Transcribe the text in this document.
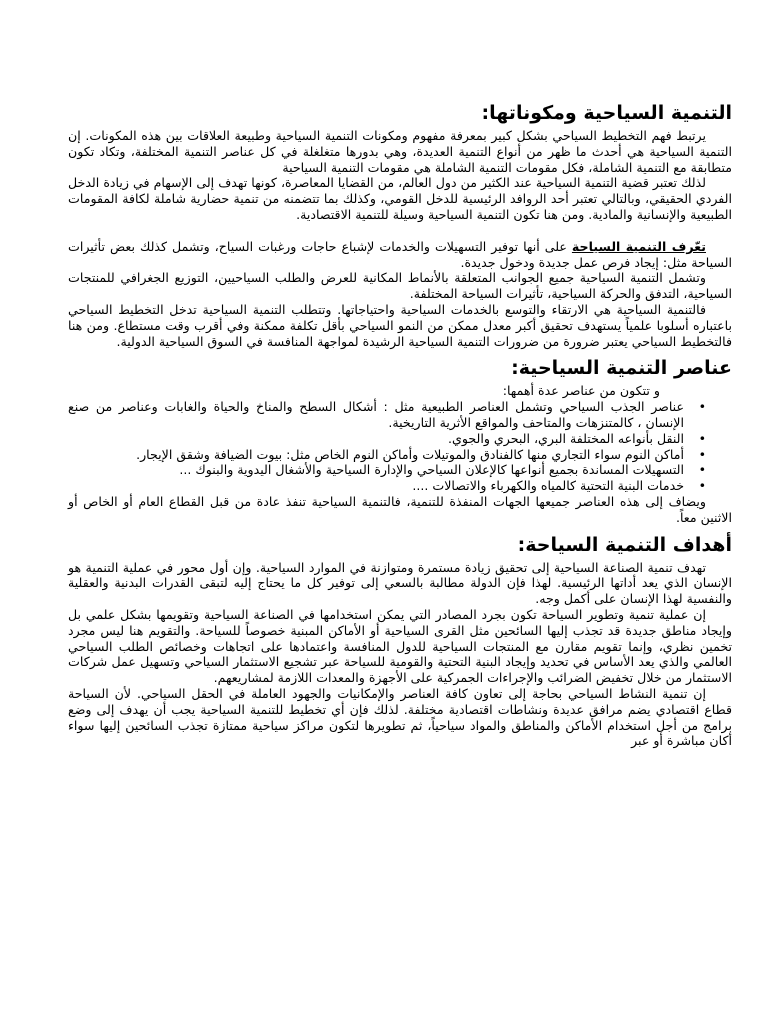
التنمية السياحية ومكوناتها:

يرتبط فهم التخطيط السياحي بشكل كبير بمعرفة مفهوم ومكونات التنمية السياحية وطبيعة العلاقات بين هذه المكونات. إن التنمية السياحية هي أحدث ما ظهر من أنواع التنمية العديدة، وهي بدورها متغلغلة في كل عناصر التنمية المختلفة، وتكاد تكون متطابقة مع التنمية الشاملة، فكل مقومات التنمية الشاملة هي مقومات التنمية السياحية

لذلك تعتبر قضية التنمية السياحية عند الكثير من دول العالم، من القضايا المعاصرة، كونها تهدف إلى الإسهام في زيادة الدخل الفردي الحقيقي، وبالتالي تعتبر أحد الروافد الرئيسية للدخل القومي، وكذلك بما تتضمنه من تنمية حضارية شاملة لكافة المقومات الطبيعية والإنسانية والمادية. ومن هنا تكون التنمية السياحية وسيلة للتنمية الاقتصادية.

تعّرف التنمية السياحة على أنها توفير التسهيلات والخدمات لإشباع حاجات ورغبات السياح، وتشمل كذلك بعض تأثيرات السياحة مثل: إيجاد فرص عمل جديدة ودخول جديدة.

وتشمل التنمية السياحية جميع الجوانب المتعلقة بالأنماط المكانية للعرض والطلب السياحيين، التوزيع الجغرافي للمنتجات السياحية، التدفق والحركة السياحية، تأثيرات السياحة المختلفة.

فالتنمية السياحية هي الارتقاء والتوسع بالخدمات السياحية واحتياجاتها. وتتطلب التنمية السياحية تدخل التخطيط السياحي باعتباره أسلوبا علمياً يستهدف تحقيق أكبر معدل ممكن من النمو السياحي بأقل تكلفة ممكنة وفي أقرب وقت مستطاع. ومن هنا فالتخطيط السياحي يعتبر ضرورة من ضرورات التنمية السياحية الرشيدة لمواجهة المنافسة في السوق السياحية الدولية.

عناصر التنمية السياحية:
و تتكون من عناصر عدة أهمها:
•
عناصر الجذب السياحي وتشمل العناصر الطبيعية مثل : أشكال السطح والمناخ والحياة والغابات وعناصر من صنع الإنسان ، كالمتنزهات والمتاحف والمواقع الأثرية التاريخية.
•
النقل بأنواعه المختلفة البري، البحري والجوي.
•
أماكن النوم سواء التجاري منها كالفنادق والموتيلات وأماكن النوم الخاص مثل: بيوت الضيافة وشقق الإيجار.
•
التسهيلات المساندة بجميع أنواعها كالإعلان السياحي والإدارة السياحية والأشغال اليدوية والبنوك ...
•
خدمات البنية التحتية كالمياه والكهرباء والاتصالات ....

ويضاف إلى هذه العناصر جميعها الجهات المنفذة للتنمية، فالتنمية السياحية تنفذ عادة من قبل القطاع العام أو الخاص أو الاثنين معاً.

أهداف التنمية السياحة:

تهدف تنمية الصناعة السياحية إلى تحقيق زيادة مستمرة ومتوازنة في الموارد السياحية. وإن أول محور في عملية التنمية هو الإنسان الذي يعد أداتها الرئيسية. لهذا فإن الدولة مطالبة بالسعي إلى توفير كل ما يحتاج إليه لتبقى القدرات البدنية والعقلية والنفسية لهذا الإنسان على أكمل وجه.

إن عملية تنمية وتطوير السياحة تكون بجرد المصادر التي يمكن استخدامها في الصناعة السياحية وتقويمها بشكل علمي بل وإيجاد مناطق جديدة قد تجذب إليها السائحين مثل القرى السياحية أو الأماكن المبنية خصوصاً للسياحة. والتقويم هنا ليس مجرد تخمين نظري، وإنما تقويم مقارن مع المنتجات السياحية للدول المنافسة واعتمادها على اتجاهات وخصائص الطلب السياحي العالمي والذي يعد الأساس في تحديد وإيجاد البنية التحتية والقومية للسياحة عبر تشجيع الاستثمار السياحي وتسهيل عمل شركات الاستثمار من خلال تخفيض الضرائب والإجراءات الجمركية على الأجهزة والمعدات اللازمة لمشاريعهم.

إن تنمية النشاط السياحي بحاجة إلى تعاون كافة العناصر والإمكانيات والجهود العاملة في الحقل السياحي. لأن السياحة قطاع اقتصادي يضم مرافق عديدة ونشاطات اقتصادية مختلفة. لذلك فإن أي تخطيط للتنمية السياحية يجب أن يهدف إلى وضع برامج من أجل استخدام الأماكن والمناطق والمواد سياحياً، ثم تطويرها لتكون مراكز سياحية ممتازة تجذب السائحين إليها سواء أكان مباشرة أو عبر
